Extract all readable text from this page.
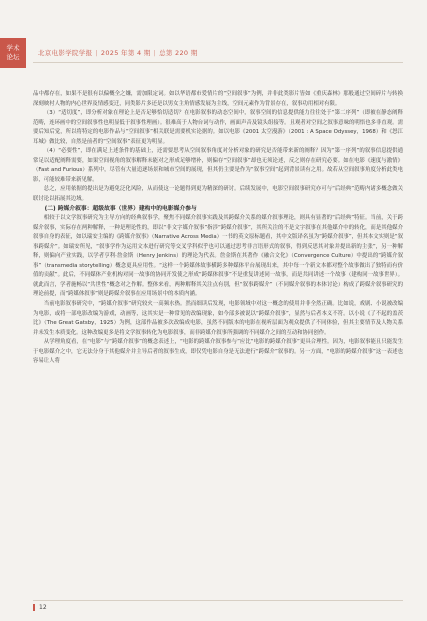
学术
论坛	北京电影学院学报 | 2025 年第 4 期 | 总第 220 期

品中都存在，如果不是很有以偏概全之嫌，需加限定词。如以华语都市爱情片的“空间叙事”为例，并非此类影片皆如《重庆森林》那般通过空间碎片与转换深刻映衬人物的内心世界及情感变迁，同类影片多还是以男女主角情感发展为主线，空间元素作为背景存在，叙事功用相对有限。

（3）“适切度”，即分析对象在理论上是否足够恰切适切？在电影叙事的动态空间中，叙事空间的信息提供能力往往处于“第二序列”（即被在静态阐释范畴，连环画中的空间叙事性也明显低于叙事性理画）。很难高于人物台词与动作，画面声音及镜头组接等。且观者对空间之叙事意味的明悟也多非直观。需要后知后觉，所以将特定的电影作品与“空间叙事”相关联是需要机实论据的。如以电影《2001 太空漫游》（2001 : A Space Odyssey，1968）和《怒江耳城》做比较，自然是前者的“空间叙事”表征更为明显。

（4）“必要性”，即在满足上述条件的基础上，还需要思考从空间叙事角度对分析对象的研究是否能带来新的阐释？因为“第一序列”的叙事信息提供通常足以适配阐释需要，如果空间视角的叙事解释未能对之形成足够增补，则偏存“空间叙事”却也无须论述，反之则存在研究必要。如在电影《速度与激情》（Fast and Furious）系列中，尽管有大量追逐场景和城市空间的展现，但其仍主要是作为“叙事空间”起到背景读有之用。故若从空间叙事角度分析此类电影，可能较难带来新见解。

总之，应用依据的提出是为避免泛化风险，从而使这一论题得到更为精深的研讨。后续发展中，电影空间叙事研究亦可与“后经典”范畴内诸多概念做关联讨论以拓展其边域。

(二) 跨媒介叙事：超级故事（世界）建构中的电影媒介参与

相较于以文学叙事研究为主导方向的经典叙事学，聚焦不同媒介叙事实践及其跨媒介关系的媒介叙事理论，则具有显著的“后经典”特征。当前，关于跨媒介叙事，实际存在两种解释，一种是理论性的，即以“非文字媒介叙事”指涉“跨媒介叙事”，其所关注的不是文字叙事在其他媒介中的转化，而是其他媒介叙事自身的表征，如以瑞安主编的《跨媒介叙事》（Narrative Across Media）一书的英文原标题看，其中文版译名虽为“跨媒介叙事”，但其本文实则是“叙事跨媒介”。如瑞安所见，“叙事学作为运用文本进行研究等交叉学科似乎也可以通过思考非言语形式的叙事，得到反思其对象并提出新的主张”，另一种解释，则偏向产业实践，以学者亨利·詹金斯（Henry Jenkins）的理论为代表。詹金斯在其著作《融合文化》（Convergence Culture）中提出的“跨媒介叙事”（transmedia storytelling）概念更具应用性。“这样一个跨媒体故事横跨多种媒体平台展现出来，其中每一个新文本都对整个故事做出了独特而有价值的贡献”。此后，不同媒体产业机构对同一故事的协同开发使之形成“跨媒体叙事”不是重复讲述同一故事，而是共同讲述一个故事（建构同一故事世界）。就此而言，学者施畅以“共世性”概念对之作解。整体来看，两种解释其关注点有别，但“叙事跨媒介”（不同媒介叙事的本体讨论）构成了跨媒介叙事研究的理论前提，而“跨媒体叙事”则是跨媒介叙事在应用场景中的本质内涵。

当前电影叙事研究中，“跨媒介叙事”研究较火一高频水热。然而细读后发现，电影领域中对这一概念的使用并非全然正确。比如说，戏剧、小说被改编为电影，或将一部电影改编为游戏，动画等，这其实是一种常见的改编现象，如今部多被说以“跨媒介叙事”，显然与后者本义不符。以小说《了不起的盖茨比》（The Great Gatsby，1925）为例，这部作品被多次改编成电影，虽然不同版本的电影在视听层面为观众提供了不同体验，但其主要情节及人物关系并未发生本质变化。这种改编更多是将文学叙事转化为电影叙事，而非跨媒介叙事所强调的不同媒介之间的互动和协同创作。

从学理角度看，在“电影”与“跨媒介叙事”的概念表述上，“电影的跨媒介叙事参与”应比“电影的跨媒介叙事”更具合理性。因为，电影叙事能且只能发生于电影媒介之中，它无法分身于其他媒介并主导后者的叙事生成，即仅凭电影自身是无法进行“跨媒介”叙事的。另一方面，“电影的跨媒介叙事”这一表述也容易让人将

12
